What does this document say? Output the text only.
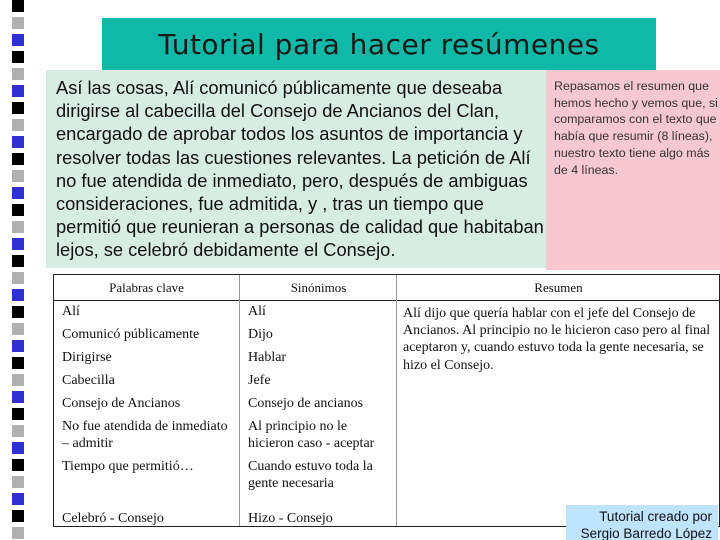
Tutorial para hacer resúmenes

Así las cosas, Alí comunicó públicamente que deseaba dirigirse al cabecilla del Consejo de Ancianos del Clan, encargado de aprobar todos los asuntos de importancia y resolver todas las cuestiones relevantes. La petición de Alí no fue atendida de inmediato, pero, después de ambiguas consideraciones, fue admitida, y , tras un tiempo que permitió que reunieran a personas de calidad que habitaban lejos, se celebró debidamente el Consejo.

Repasamos el resumen que hemos hecho y vemos que, si comparamos con el texto que había que resumir (8 líneas), nuestro texto tiene algo más de 4 líneas.

Palabras clave
Alí
Comunicó públicamente
Dirigirse
Cabecilla
Consejo de Ancianos
No fue atendida de inmediato – admitir
Tiempo que permitió…
Celebró - Consejo
Sinónimos
Alí
Dijo
Hablar
Jefe
Consejo de ancianos
Al principio no le hicieron caso - aceptar
Cuando estuvo toda la gente necesaria
Hizo - Consejo
Resumen
Alí dijo que quería hablar con el jefe del Consejo de Ancianos. Al principio no le hicieron caso pero al final aceptaron y, cuando estuvo toda la gente necesaria, se hizo el Consejo.
Tutorial creado por Sergio Barredo López
